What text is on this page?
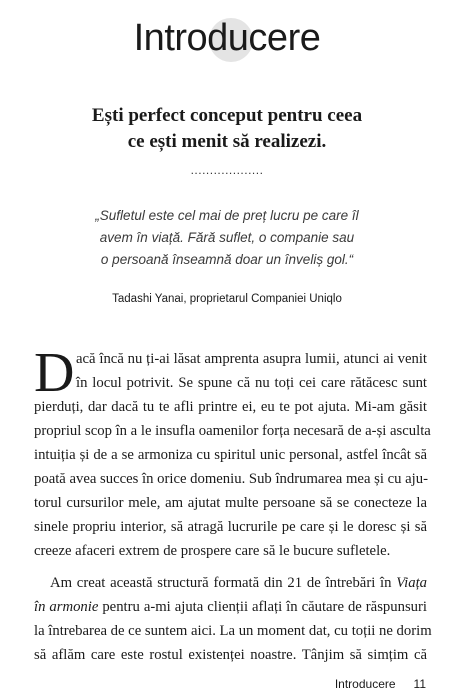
Introducere
Ești perfect conceput pentru ceea
ce ești menit să realizezi.
...................
„Sufletul este cel mai de preț lucru pe care îl
avem în viață. Fără suflet, o companie sau
o persoană înseamnă doar un înveliș gol.“
Tadashi Yanai, proprietarul Companiei Uniqlo
D acă încă nu ți-ai lăsat amprenta asupra lumii, atunci ai venit
în locul potrivit. Se spune că nu toți cei care rătăcesc sunt
pierduți, dar dacă tu te afli printre ei, eu te pot ajuta. Mi-am găsit
propriul scop în a le insufla oamenilor forța necesară de a-și asculta
intuiția și de a se armoniza cu spiritul unic personal, astfel încât să
poată avea succes în orice domeniu. Sub îndrumarea mea și cu aju-
torul cursurilor mele, am ajutat multe persoane să se conecteze la
sinele propriu interior, să atragă lucrurile pe care și le doresc și să
creeze afaceri extrem de prospere care să le bucure sufletele.
Am creat această structură formată din 21 de întrebări în Viața
în armonie pentru a-mi ajuta clienții aflați în căutare de răspunsuri
la întrebarea de ce suntem aici. La un moment dat, cu toții ne dorim
să aflăm care este rostul existenței noastre. Tânjim să simțim că
Introducere 11
